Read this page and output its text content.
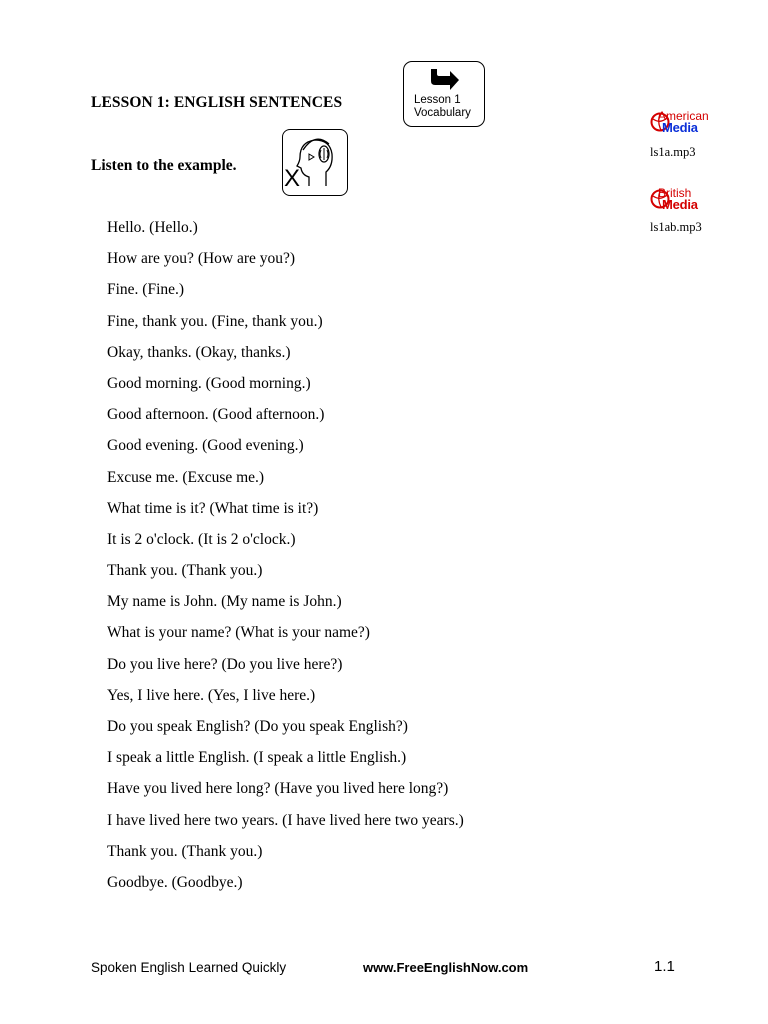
LESSON 1: ENGLISH SENTENCES	Lesson 1
Vocabulary
Listen to the example. X
American
Media
ls1a.mp3
British
Media
ls1ab.mp3
Hello. (Hello.)
How are you? (How are you?)
Fine. (Fine.)
Fine, thank you. (Fine, thank you.)
Okay, thanks. (Okay, thanks.)
Good morning. (Good morning.)
Good afternoon. (Good afternoon.)
Good evening. (Good evening.)
Excuse me. (Excuse me.)
What time is it? (What time is it?)
It is 2 o'clock. (It is 2 o'clock.)
Thank you. (Thank you.)
My name is John. (My name is John.)
What is your name? (What is your name?)
Do you live here? (Do you live here?)
Yes, I live here. (Yes, I live here.)
Do you speak English? (Do you speak English?)
I speak a little English. (I speak a little English.)
Have you lived here long? (Have you lived here long?)
I have lived here two years. (I have lived here two years.)
Thank you. (Thank you.)
Goodbye. (Goodbye.)
Spoken English Learned Quickly	www.FreeEnglishNow.com	1.1
